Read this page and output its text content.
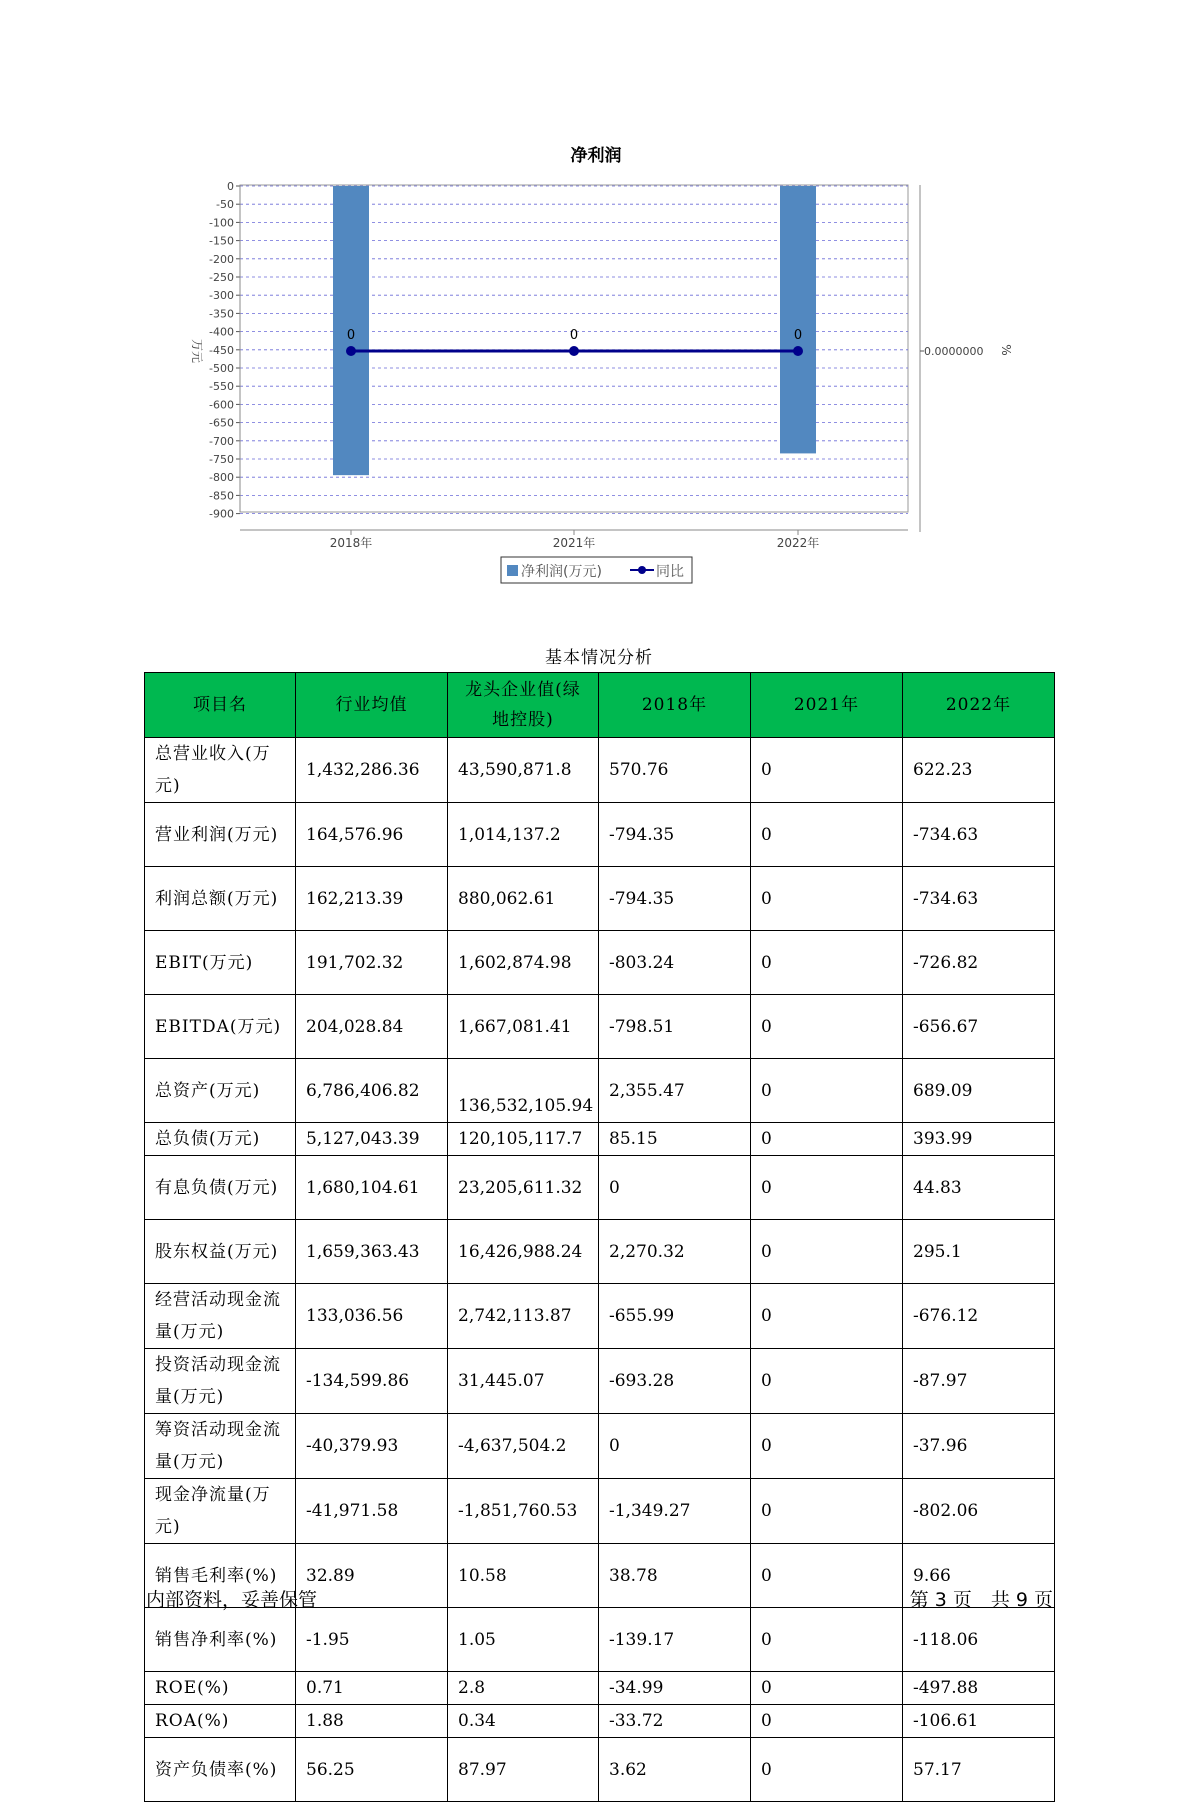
净利润
0
-50
-100
-150
-200
-250
-300
-350
-400
-450
-500
-550
-600
-650
-700
-750
-800
-850
-900
2018年	2021年	2022年
0	0	0
万元	0.0000000 %
净利润(万元)	同比
基本情况分析
项目名	行业均值	龙头企业值(绿地控股)	2018年	2021年	2022年
总营业收入(万元)	1,432,286.36	43,590,871.8	570.76	0	622.23
营业利润(万元)	164,576.96	1,014,137.2	-794.35	0	-734.63
利润总额(万元)	162,213.39	880,062.61	-794.35	0	-734.63
EBIT(万元)	191,702.32	1,602,874.98	-803.24	0	-726.82
EBITDA(万元)	204,028.84	1,667,081.41	-798.51	0	-656.67
总资产(万元)	6,786,406.82	136,532,105.94	2,355.47	0	689.09
总负债(万元)	5,127,043.39	120,105,117.7	85.15	0	393.99
有息负债(万元)	1,680,104.61	23,205,611.32	0	0	44.83
股东权益(万元)	1,659,363.43	16,426,988.24	2,270.32	0	295.1
经营活动现金流量(万元)	133,036.56	2,742,113.87	-655.99	0	-676.12
投资活动现金流量(万元)	-134,599.86	31,445.07	-693.28	0	-87.97
筹资活动现金流量(万元)	-40,379.93	-4,637,504.2	0	0	-37.96
现金净流量(万元)	-41,971.58	-1,851,760.53	-1,349.27	0	-802.06
销售毛利率(%)	32.89	10.58	38.78	0	9.66
销售净利率(%)	-1.95	1.05	-139.17	0	-118.06
ROE(%)	0.71	2.8	-34.99	0	-497.88
ROA(%)	1.88	0.34	-33.72	0	-106.61
资产负债率(%)	56.25	87.97	3.62	0	57.17
内部资料，妥善保管	第 3 页　共 9 页
